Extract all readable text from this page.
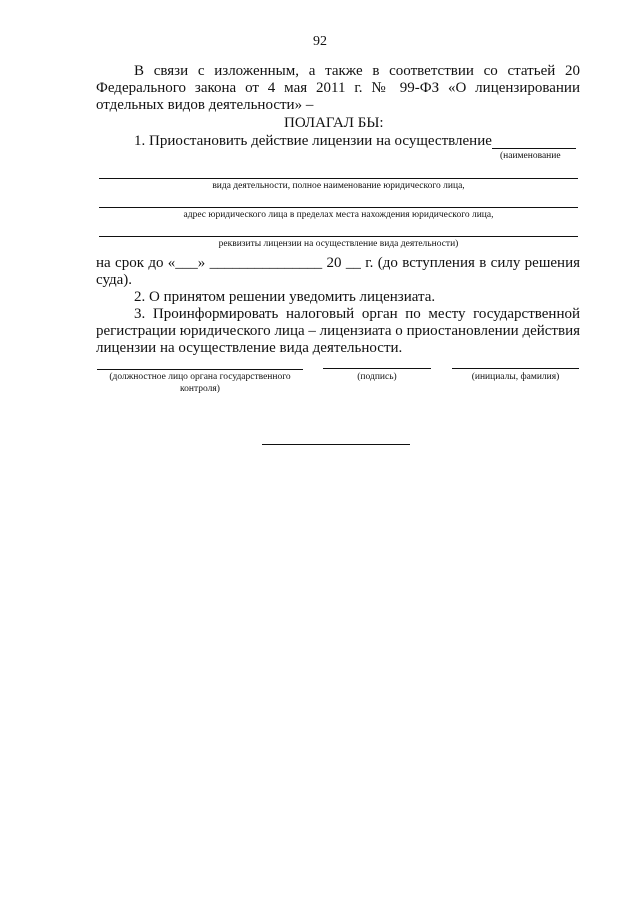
92
В связи с изложенным, а также в соответствии со статьей 20
Федерального закона от 4 мая 2011 г. № 99-ФЗ «О лицензировании
отдельных видов деятельности» –
ПОЛАГАЛ БЫ:
1. Приостановить действие лицензии на осуществление
(наименование
вида деятельности, полное наименование юридического лица,
адрес юридического лица в пределах места нахождения юридического лица,
реквизиты лицензии на осуществление вида деятельности)
на срок до «___» _______________ 20 __ г. (до вступления в силу решения
суда).
2. О принятом решении уведомить лицензиата.
3. Проинформировать налоговый орган по месту государственной
регистрации юридического лица – лицензиата о приостановлении действия
лицензии на осуществление вида деятельности.
(должностное лицо органа государственного
контроля)
(подпись)	(инициалы, фамилия)
